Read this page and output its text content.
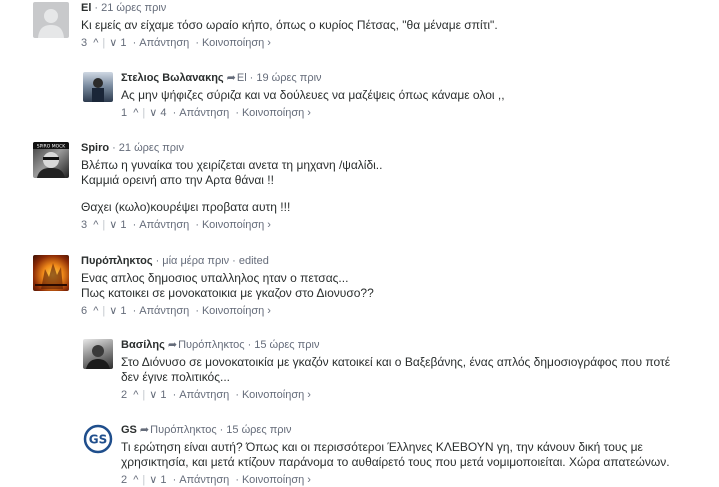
El · 21 ώρες πριν

Κι εμείς αν είχαμε τόσο ωραίο κήπο, όπως ο κυρίος Πέτσας, "θα μέναμε σπίτι".

3  ^ | ∨ 1 · Απάντηση · Κοινοποίηση ›
Στελιος Βωλανακης ➦El · 19 ώρες πριν

Ας μην ψήφιζες σύριζα και να δούλευες να μαζέψεις όπως κάναμε ολοι ,,

1  ^ | ∨ 4 · Απάντηση · Κοινοποίηση ›
SPIRO MOCK Spiro · 21 ώρες πριν

Βλέπω η γυναίκα του χειρίζεται ανετα τη μηχανη /ψαλίδι..

Καμμιά ορεινή απο την Αρτα θάναι !!

Θαχει (κωλο)κουρέψει προβατα αυτη !!!

3  ^ | ∨ 1 · Απάντηση · Κοινοποίηση ›
Πυρόπληκτος · μία μέρα πριν · edited

Ενας απλος δημοσιος υπαλληλος ηταν ο πετσας...

Πως κατοικει σε μονοκατοικια με γκαζον στο Διονυσο??

6  ^ | ∨ 1 · Απάντηση · Κοινοποίηση ›
Βασίλης ➦Πυρόπληκτος · 15 ώρες πριν

Στο Διόνυσο σε μονοκατοικία με γκαζόν κατοικεί και ο Βαξεβάνης, ένας απλός δημοσιογράφος που ποτέ

δεν έγινε πολιτικός...

2  ^ | ∨ 1 · Απάντηση · Κοινοποίηση ›
GS
GS ➦Πυρόπληκτος · 15 ώρες πριν

Τι ερώτηση είναι αυτή? Όπως και οι περισσότεροι Έλληνες ΚΛΕΒΟΥΝ γη, την κάνουν δική τους με

χρησικτησία, και μετά κτίζουν παράνομα το αυθαίρετό τους που μετά νομιμοποιείται. Χώρα απατεώνων.

2  ^ | ∨ 1 · Απάντηση · Κοινοποίηση ›
